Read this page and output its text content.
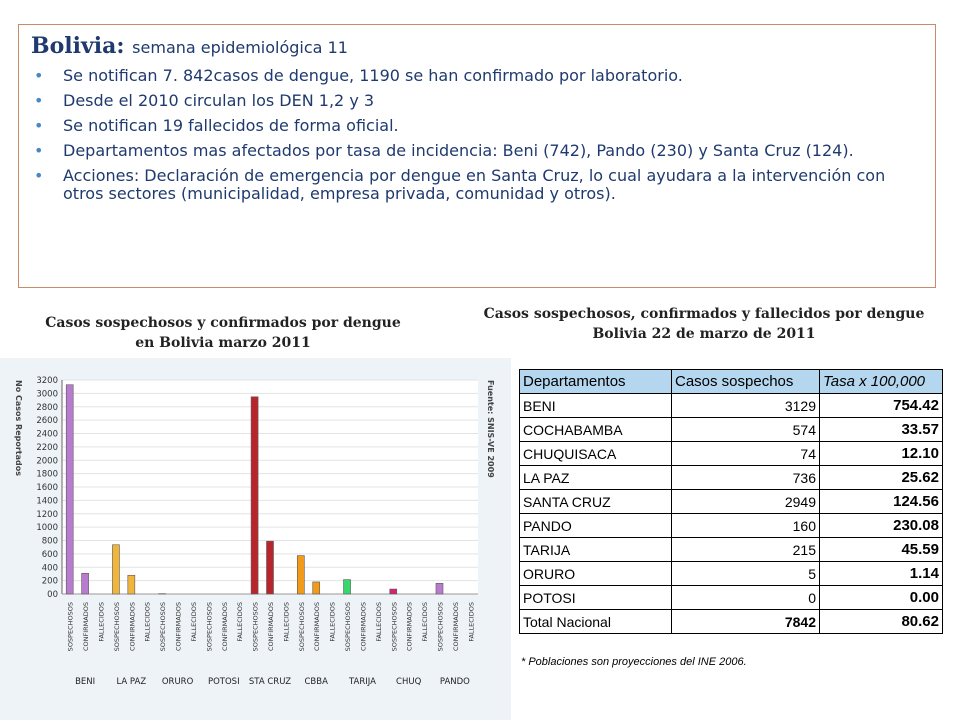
Bolivia: semana epidemiológica 11
• Se notifican 7. 842casos de dengue, 1190 se han confirmado por laboratorio.
• Desde el 2010 circulan los DEN 1,2 y 3
• Se notifican 19 fallecidos de forma oficial.
• Departamentos mas afectados por tasa de incidencia: Beni (742), Pando (230) y Santa Cruz (124).
• Acciones: Declaración de emergencia por dengue en Santa Cruz, lo cual ayudara a la intervención con otros sectores (municipalidad, empresa privada, comunidad y otros).
Casos sospechosos y confirmados por dengue
en Bolivia marzo 2011
Casos sospechosos, confirmados y fallecidos por dengue
Bolivia 22 de marzo de 2011
00
200
400
600
800
1000
1200
1400
1600
1800
2000
2200
2400
2600
2800
3000
3200
No Casos Reportados	Fuente: SNIS-VE 2009
SOSPECHOSOS CONFIRMADOS FALLECIDOS
BENI
SOSPECHOSOS CONFIRMADOS FALLECIDOS
LA PAZ
SOSPECHOSOS CONFIRMADOS FALLECIDOS
ORURO
SOSPECHOSOS CONFIRMADOS FALLECIDOS
POTOSI
SOSPECHOSOS CONFIRMADOS FALLECIDOS
STA CRUZ
SOSPECHOSOS CONFIRMADOS FALLECIDOS
CBBA
SOSPECHOSOS CONFIRMADOS FALLECIDOS
TARIJA
SOSPECHOSOS CONFIRMADOS FALLECIDOS
CHUQ
SOSPECHOSOS CONFIRMADOS FALLECIDOS
PANDO
Departamentos	Casos sospechos	Tasa x 100,000
BENI	3129	754.42
COCHABAMBA	574	33.57
CHUQUISACA	74	12.10
LA PAZ	736	25.62
SANTA CRUZ	2949	124.56
PANDO	160	230.08
TARIJA	215	45.59
ORURO	5	1.14
POTOSI	0	0.00
Total Nacional	7842	80.62
* Poblaciones son proyecciones del INE 2006.
